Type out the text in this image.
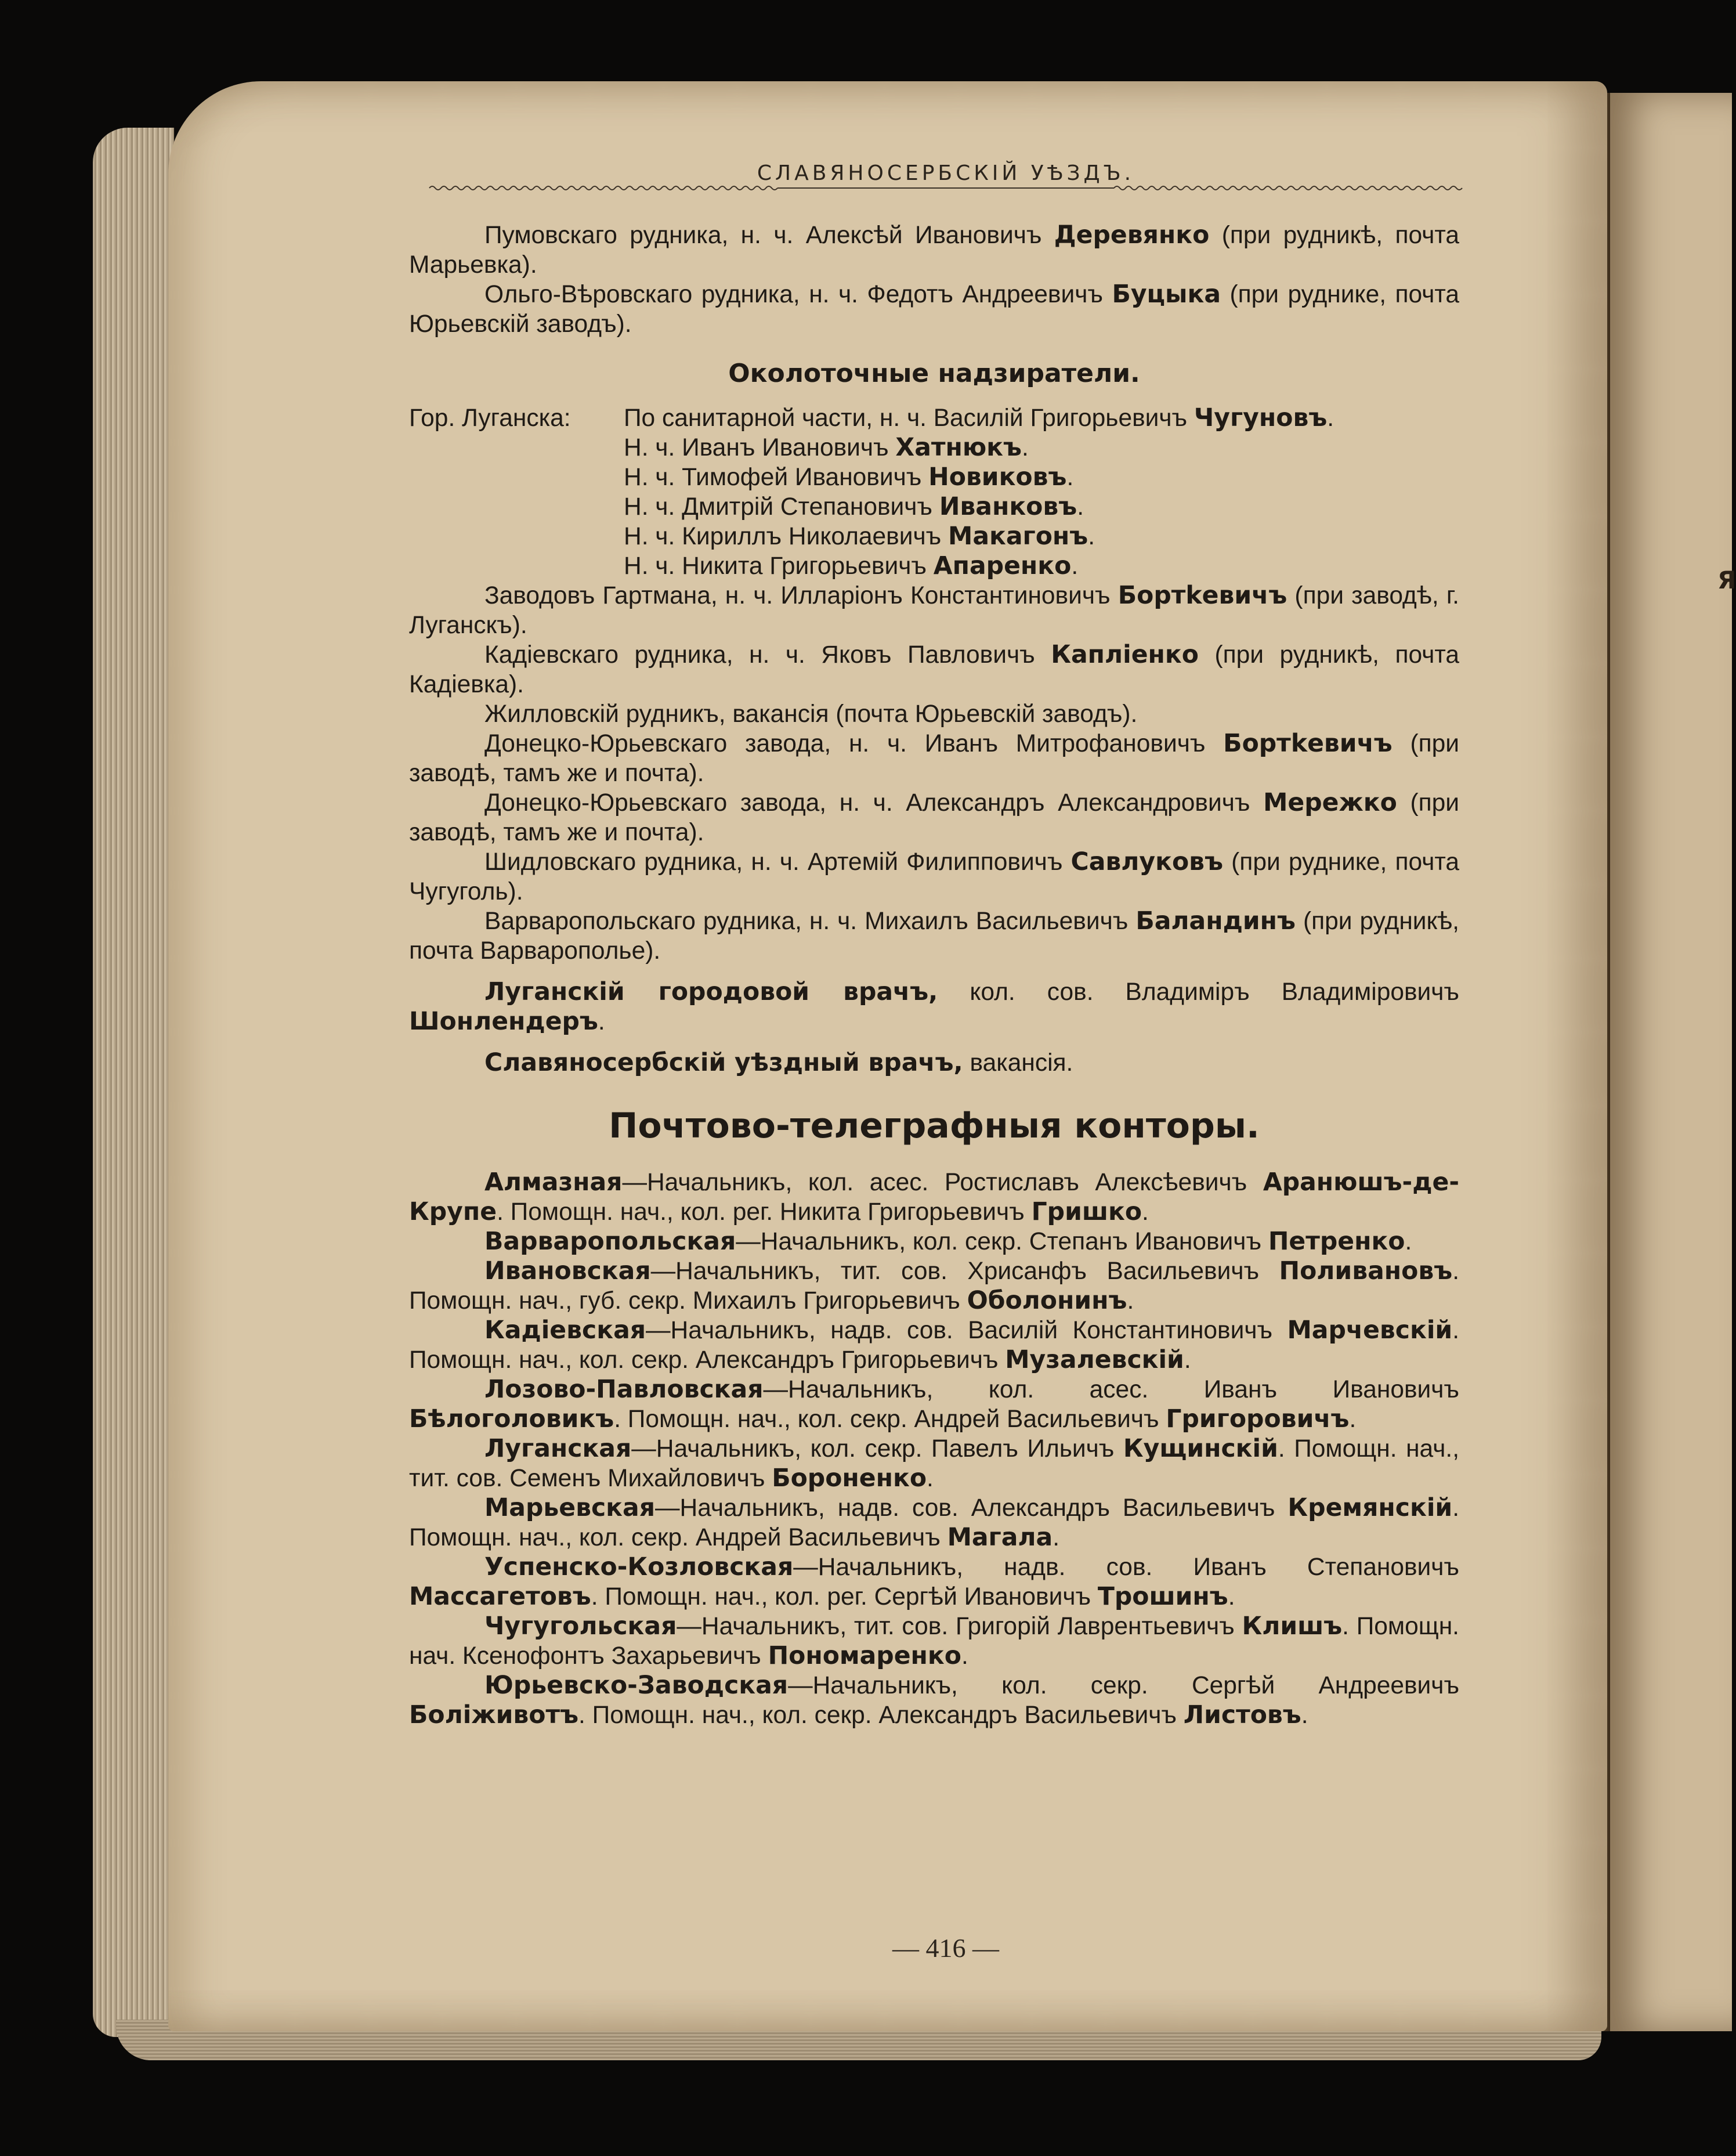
Я
СЛАВЯНОСЕРБСКІЙ УѢЗДЪ.

Пумовскаго рудника, н. ч. Алексѣй Ивановичъ Деревянко (при рудникѣ, почта Марьевка).

Ольго-Вѣровскаго рудника, н. ч. Федотъ Андреевичъ Буцыка (при руднике, почта Юрьевскій заводъ).

Околоточные надзиратели.
Гор. Луганска:	По санитарной части, н. ч. Василій Григорьевичъ Чугуновъ.
Н. ч. Иванъ Ивановичъ Хатнюкъ.
Н. ч. Тимофей Ивановичъ Новиковъ.
Н. ч. Дмитрій Степановичъ Иванковъ.
Н. ч. Кириллъ Николаевичъ Макагонъ.
Н. ч. Никита Григорьевичъ Апаренко.

Заводовъ Гартмана, н. ч. Илларіонъ Константиновичъ Бортkевичъ (при заводѣ, г. Луганскъ).

Кадіевскаго рудника, н. ч. Яковъ Павловичъ Капліенко (при рудникѣ, почта Кадіевка).

Жилловскій рудникъ, вакансія (почта Юрьевскій заводъ).

Донецко-Юрьевскаго завода, н. ч. Иванъ Митрофановичъ Бортkевичъ (при заводѣ, тамъ же и почта).

Донецко-Юрьевскаго завода, н. ч. Александръ Александровичъ Мережко (при заводѣ, тамъ же и почта).

Шидловскаго рудника, н. ч. Артемій Филипповичъ Савлуковъ (при руднике, почта Чугуголь).

Варваропольскаго рудника, н. ч. Михаилъ Васильевичъ Баландинъ (при рудникѣ, почта Варварополье).

Луганскій городовой врачъ, кол. сов. Владиміръ Владиміровичъ Шонлендеръ.

Славяносербскій уѣздный врачъ, вакансія.

Почтово-телеграфныя конторы.

Алмазная—Начальникъ, кол. асес. Ростиславъ Алексѣевичъ Аранюшъ-де-Крупе. Помощн. нач., кол. рег. Никита Григорьевичъ Гришко.

Варваропольская—Начальникъ, кол. секр. Степанъ Ивановичъ Петренко.

Ивановская—Начальникъ, тит. сов. Хрисанфъ Васильевичъ Поливановъ. Помощн. нач., губ. секр. Михаилъ Григорьевичъ Оболонинъ.

Кадіевская—Начальникъ, надв. сов. Василій Константиновичъ Марчевскій. Помощн. нач., кол. секр. Александръ Григорьевичъ Музалевскій.

Лозово-Павловская—Начальникъ, кол. асес. Иванъ Ивановичъ Бѣлоголовикъ. Помощн. нач., кол. секр. Андрей Васильевичъ Григоровичъ.

Луганская—Начальникъ, кол. секр. Павелъ Ильичъ Кущинскій. Помощн. нач., тит. сов. Семенъ Михайловичъ Бороненко.

Марьевская—Начальникъ, надв. сов. Александръ Васильевичъ Кремянскій. Помощн. нач., кол. секр. Андрей Васильевичъ Магала.

Успенско-Козловская—Начальникъ, надв. сов. Иванъ Степановичъ Массагетовъ. Помощн. нач., кол. рег. Сергѣй Ивановичъ Трошинъ.

Чугугольская—Начальникъ, тит. сов. Григорій Лаврентьевичъ Клишъ. Помощн. нач. Ксенофонтъ Захарьевичъ Пономаренко.

Юрьевско-Заводская—Начальникъ, кол. секр. Сергѣй Андреевичъ Боліживотъ. Помощн. нач., кол. секр. Александръ Васильевичъ Листовъ.

— 416 —
